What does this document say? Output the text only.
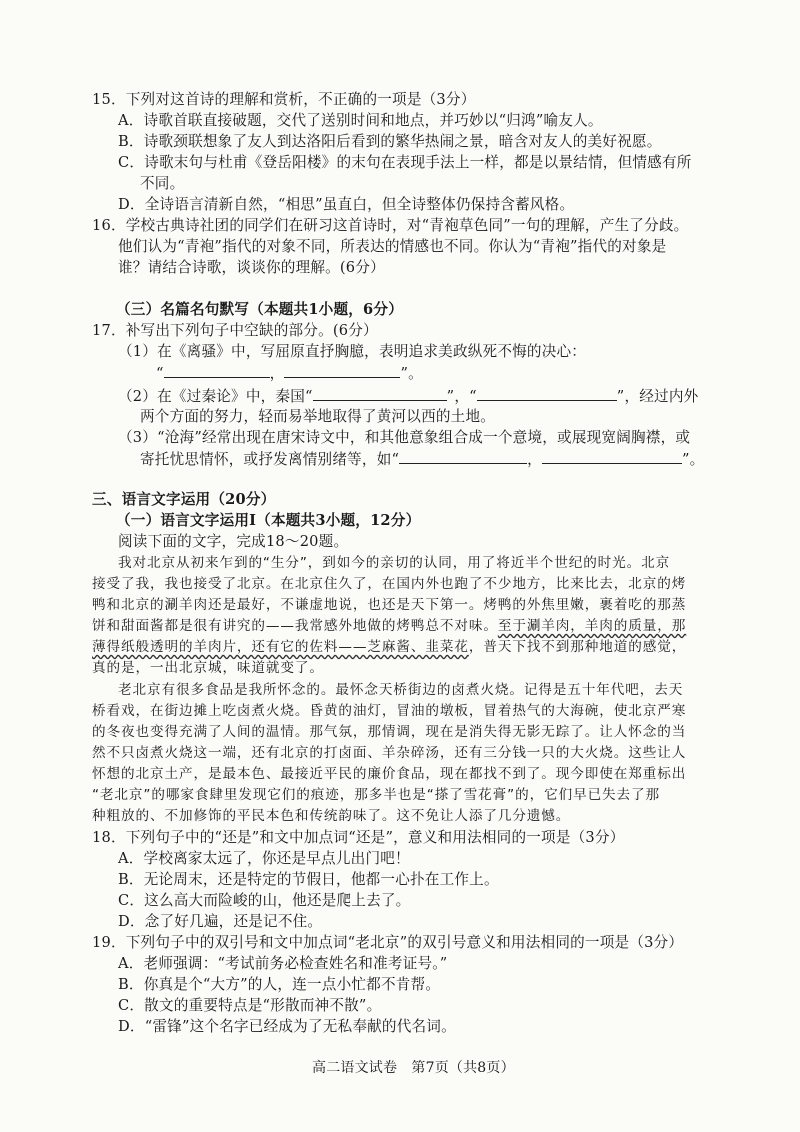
15．下列对这首诗的理解和赏析，不正确的一项是（3分）
A．诗歌首联直接破题，交代了送别时间和地点，并巧妙以“归鸿”喻友人。
B．诗歌颈联想象了友人到达洛阳后看到的繁华热闹之景，暗含对友人的美好祝愿。
C．诗歌末句与杜甫《登岳阳楼》的末句在表现手法上一样，都是以景结情，但情感有所
不同。
D．全诗语言清新自然，“相思”虽直白，但全诗整体仍保持含蓄风格。
16．学校古典诗社团的同学们在研习这首诗时，对“青袍草色同”一句的理解，产生了分歧。
他们认为“青袍”指代的对象不同，所表达的情感也不同。你认为“青袍”指代的对象是
谁？请结合诗歌，谈谈你的理解。(6分）
（三）名篇名句默写（本题共1小题，6分）
17．补写出下列句子中空缺的部分。(6分）
（1）在《离骚》中，写屈原直抒胸臆，表明追求美政纵死不悔的决心：
“	，	”。
（2）在《过秦论》中，秦国“	”，“	”，经过内外
两个方面的努力，轻而易举地取得了黄河以西的土地。
（3）“沧海”经常出现在唐宋诗文中，和其他意象组合成一个意境，或展现宽阔胸襟，或
寄托忧思情怀，或抒发离情别绪等，如“	，	”。
三、语言文字运用（20分）
（一）语言文字运用Ⅰ（本题共3小题，12分）
阅读下面的文字，完成18～20题。
我对北京从初来乍到的“生分”，到如今的亲切的认同，用了将近半个世纪的时光。北京
接受了我，我也接受了北京。在北京住久了，在国内外也跑了不少地方，比来比去，北京的烤
鸭和北京的涮羊肉还是最好，不谦虚地说，也还是天下第一。烤鸭的外焦里嫩，裹着吃的那蒸
饼和甜面酱都是很有讲究的——我常感外地做的烤鸭总不对味。至于涮羊肉，羊肉的质量，那
薄得纸般透明的羊肉片，还有它的佐料——芝麻酱、韭菜花，普天下找不到那种地道的感觉，
真的是，一出北京城，味道就变了。
老北京有很多食品是我所怀念的。最怀念天桥街边的卤煮火烧。记得是五十年代吧，去天
桥看戏，在街边摊上吃卤煮火烧。昏黄的油灯，冒油的墩板，冒着热气的大海碗，使北京严寒
的冬夜也变得充满了人间的温情。那气氛，那情调，现在是消失得无影无踪了。让人怀念的当
然不只卤煮火烧这一端，还有北京的打卤面、羊杂碎汤，还有三分钱一只的大火烧。这些让人
怀想的北京土产，是最本色、最接近平民的廉价食品，现在都找不到了。现今即使在郑重标出
“老北京”的哪家食肆里发现它们的痕迹，那多半也是“搽了雪花膏”的，它们早已失去了那
种粗放的、不加修饰的平民本色和传统韵味了。这不免让人添了几分遗憾。
18．下列句子中的“还是”和文中加点词“还是”，意义和用法相同的一项是（3分）
A．学校离家太远了，你还是早点儿出门吧！
B．无论周末，还是特定的节假日，他都一心扑在工作上。
C．这么高大而险峻的山，他还是爬上去了。
D．念了好几遍，还是记不住。
19．下列句子中的双引号和文中加点词“老北京”的双引号意义和用法相同的一项是（3分）
A．老师强调：“考试前务必检查姓名和准考证号。”
B．你真是个“大方”的人，连一点小忙都不肯帮。
C．散文的重要特点是“形散而神不散”。
D．“雷锋”这个名字已经成为了无私奉献的代名词。
高二语文试卷　第7页（共8页）
